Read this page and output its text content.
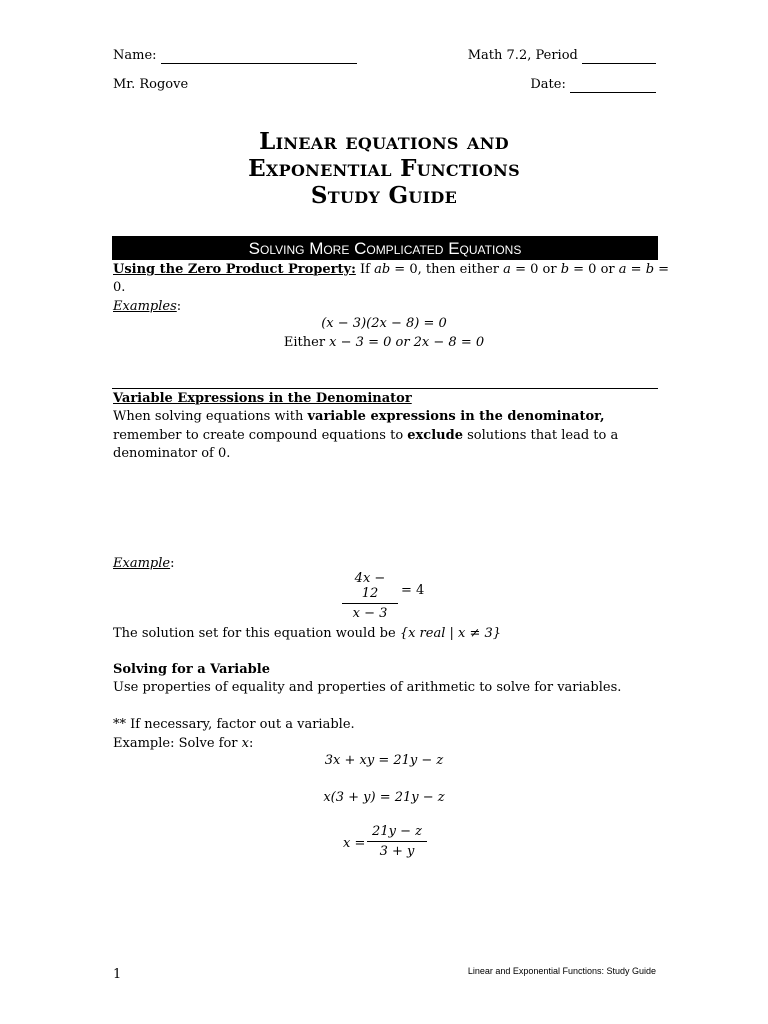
Name:	Math 7.2, Period
Mr. Rogove	Date:
Linear equations and
Exponential Functions
Study Guide
Solving More Complicated Equations
Using the Zero Product Property: If ab = 0, then either a = 0 or b = 0 or a = b =
0.
Examples:
(x − 3)(2x − 8) = 0
Either x − 3 = 0 or 2x − 8 = 0
Variable Expressions in the Denominator
When solving equations with variable expressions in the denominator,
remember to create compound equations to exclude solutions that lead to a
denominator of 0.
Example:
$\frac{4x - 12}{x - 3} = 4$
The solution set for this equation would be {x real | x ≠ 3}
Solving for a Variable
Use properties of equality and properties of arithmetic to solve for variables.
** If necessary, factor out a variable.
Example: Solve for x:
3x + xy = 21y − z
x(3 + y) = 21y − z
$x = \frac{21y - z}{3 + y}$
1	Linear and Exponential Functions: Study Guide
